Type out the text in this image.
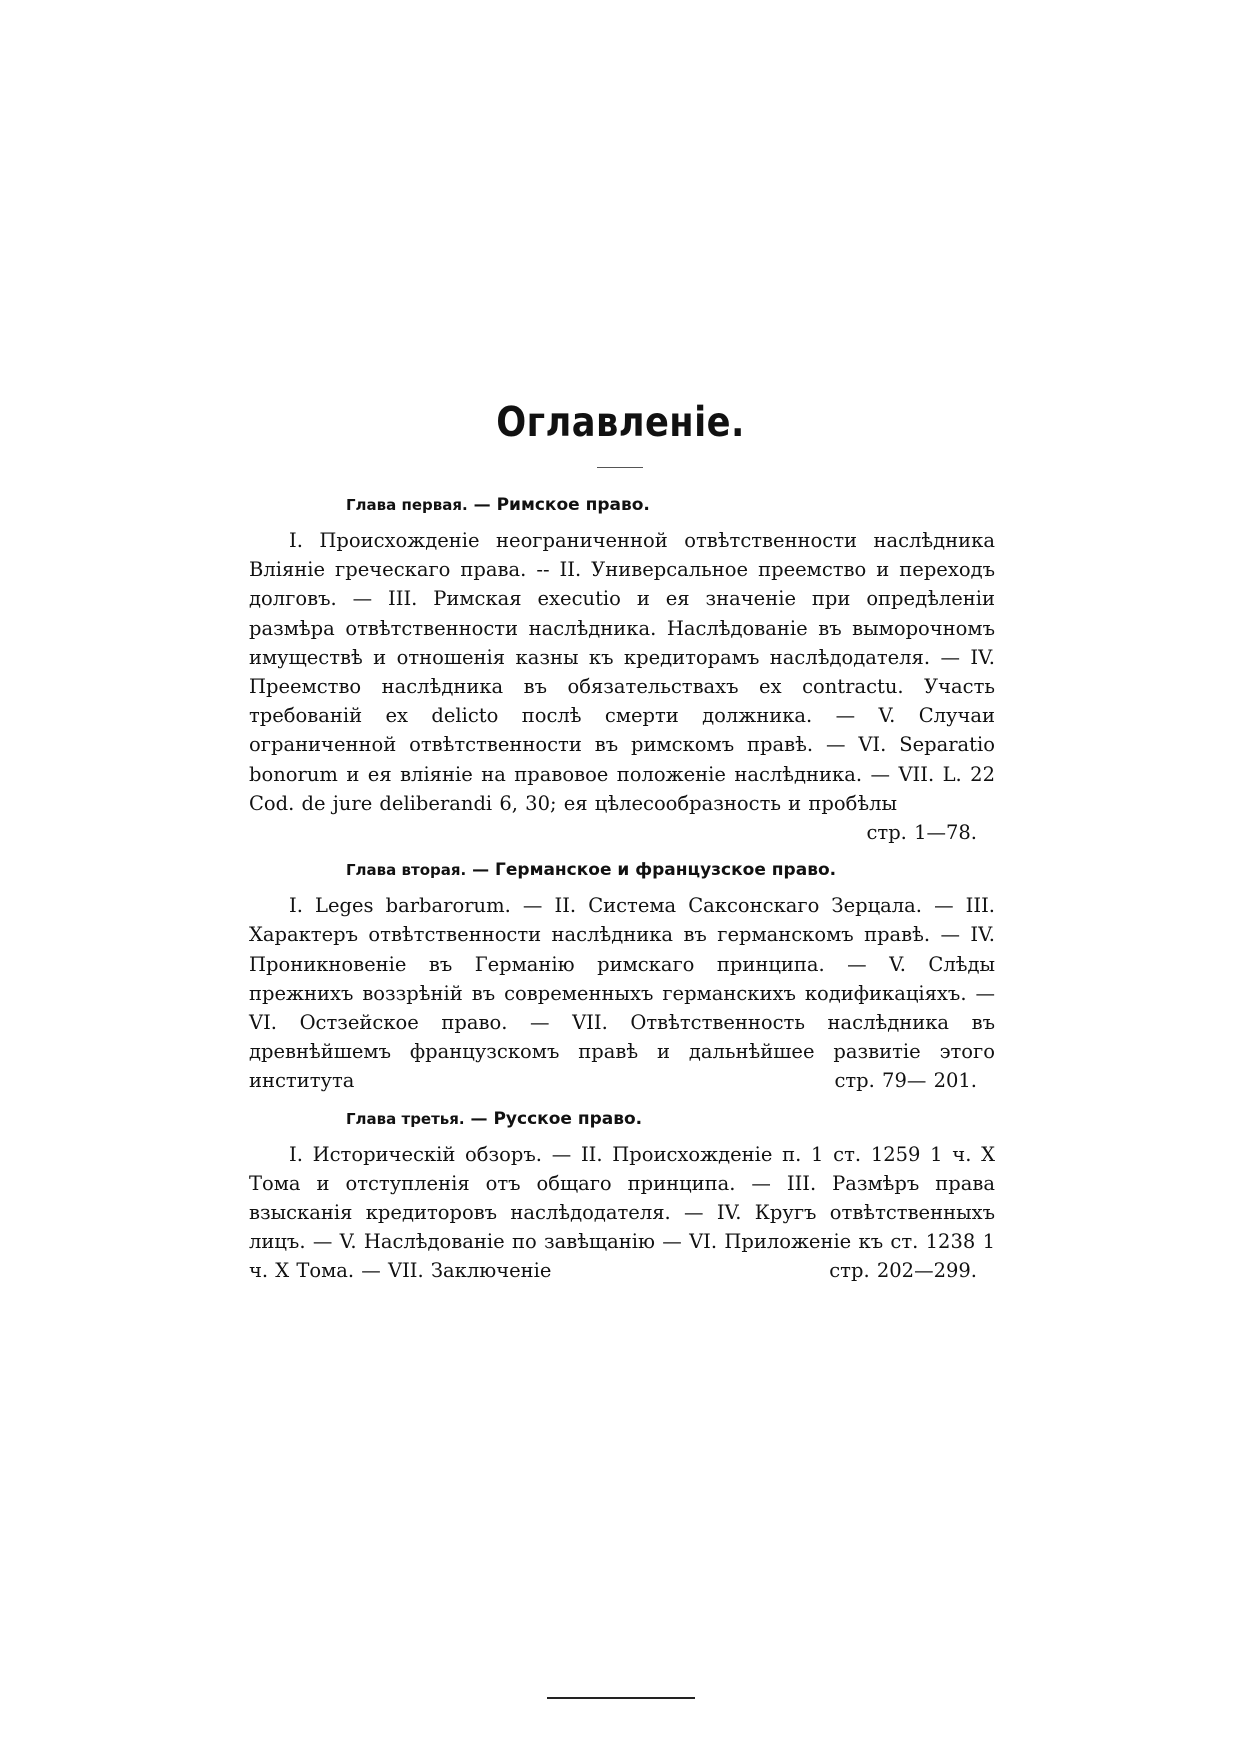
Оглавленіе.
Глава первая. — Римское право.

I. Происхожденіе неограниченной отвѣтственности наслѣдника Вліяніе греческаго права. -- II. Универсальное преемство и переходъ долговъ. — III. Римская executio и ея значеніе при опредѣленіи размѣра отвѣтственности наслѣдника. Наслѣдованіе въ выморочномъ имуществѣ и отношенія казны къ кредиторамъ наслѣдодателя. — IV. Преемство наслѣдника въ обязательствахъ ex contractu. Участь требованій ex delicto послѣ смерти должника. — V. Случаи ограниченной отвѣтственности въ римскомъ правѣ. — VI. Separatio bonorum и ея вліяніе на правовое положеніе наслѣдника. — VII. L. 22 Cod. de jure deliberandi 6, 30; ея цѣлесообразность и пробѣлы
стр. 1—78.

Глава вторая. — Германское и французское право.

I. Leges barbarorum. — II. Система Саксонскаго Зерцала. — III. Характеръ отвѣтственности наслѣдника въ германскомъ правѣ. — IV. Проникновеніе въ Германію римскаго принципа. — V. Слѣды прежнихъ воззрѣній въ современныхъ германскихъ кодификаціяхъ. — VI. Остзейское право. — VII. Отвѣтственность наслѣдника въ древнѣйшемъ французскомъ правѣ и дальнѣйшее развитіе этого института	стр. 79— 201.

Глава третья. — Русское право.

I. Историческій обзоръ. — II. Происхожденіе п. 1 ст. 1259 1 ч. X Тома и отступленія отъ общаго принципа. — III. Размѣръ права взысканія кредиторовъ наслѣдодателя. — IV. Кругъ отвѣтственныхъ лицъ. — V. Наслѣдованіе по завѣщанію — VI. Приложеніе къ ст. 1238 1 ч. X Тома. — VII. Заключеніе	стр. 202—299.
